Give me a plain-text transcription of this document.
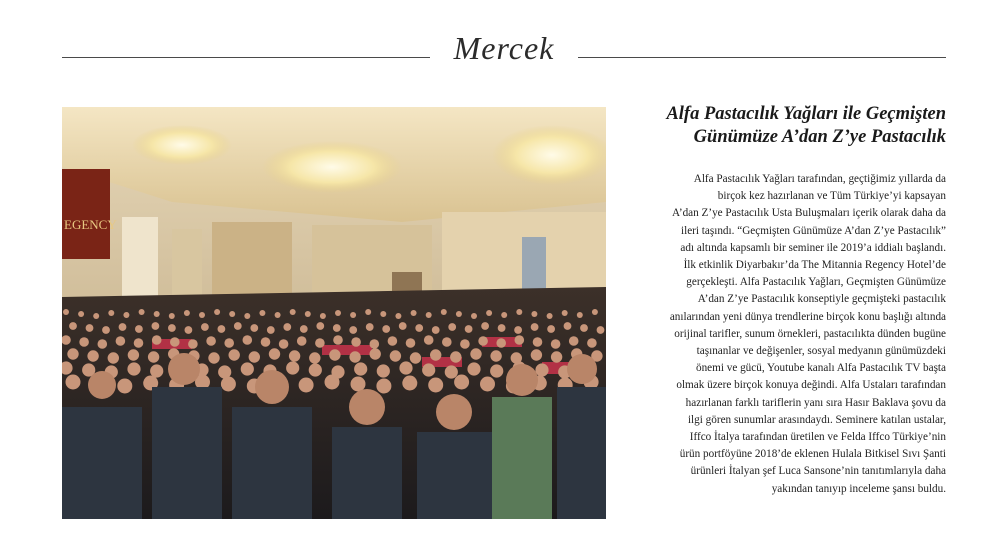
Mercek
EGENCY
Alfa Pastacılık Yağları ile Geçmişten
Günümüze A’dan Z’ye Pastacılık
Alfa Pastacılık Yağları tarafından, geçtiğimiz yıllarda da
birçok kez hazırlanan ve Tüm Türkiye’yi kapsayan
A’dan Z’ye Pastacılık Usta Buluşmaları içerik olarak daha da
ileri taşındı. “Geçmişten Günümüze A’dan Z’ye Pastacılık”
adı altında kapsamlı bir seminer ile 2019’a iddialı başlandı.
İlk etkinlik Diyarbakır’da The Mitannia Regency Hotel’de
gerçekleşti. Alfa Pastacılık Yağları, Geçmişten Günümüze
A’dan Z’ye Pastacılık konseptiyle geçmişteki pastacılık
anılarından yeni dünya trendlerine birçok konu başlığı altında
orijinal tarifler, sunum örnekleri, pastacılıkta dünden bugüne
taşınanlar ve değişenler, sosyal medyanın günümüzdeki
önemi ve gücü, Youtube kanalı Alfa Pastacılık TV başta
olmak üzere birçok konuya değindi. Alfa Ustaları tarafından
hazırlanan farklı tariflerin yanı sıra Hasır Baklava şovu da
ilgi gören sunumlar arasındaydı. Seminere katılan ustalar,
Iffco İtalya tarafından üretilen ve Felda Iffco Türkiye’nin
ürün portföyüne 2018’de eklenen Hulala Bitkisel Sıvı Şanti
ürünleri İtalyan şef Luca Sansone’nin tanıtımlarıyla daha
yakından tanıyıp inceleme şansı buldu.
